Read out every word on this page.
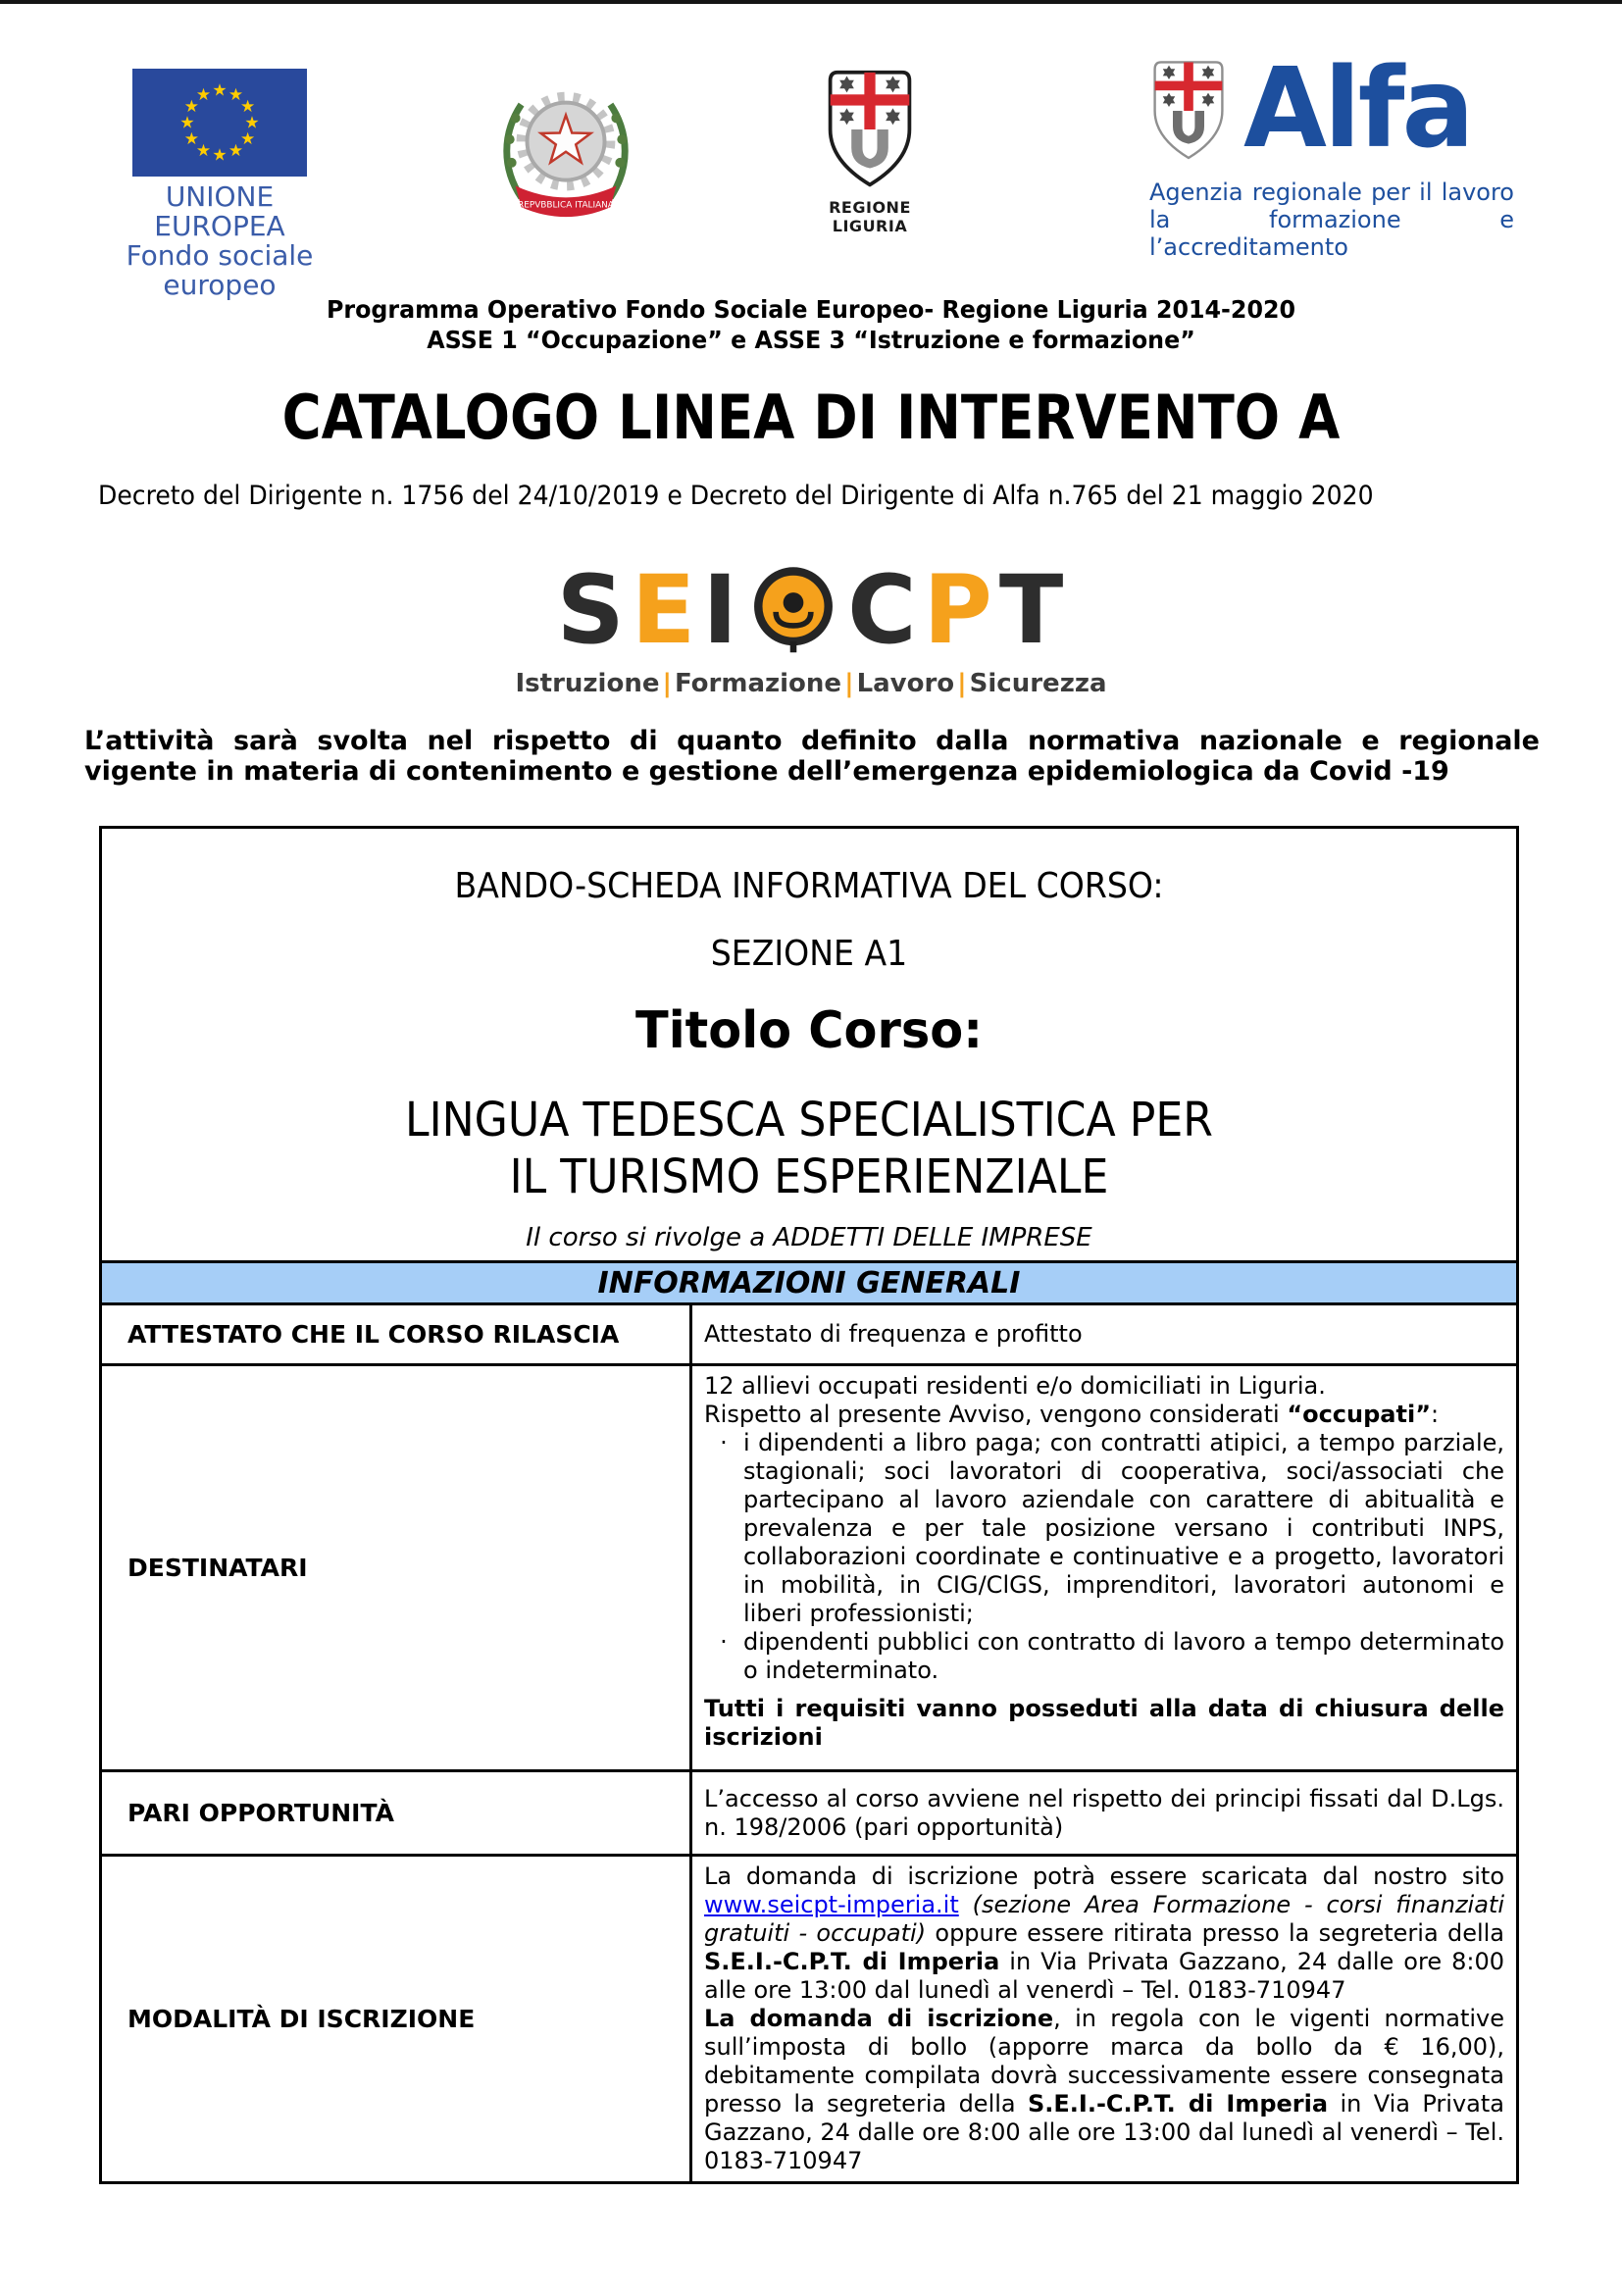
★ ★
★
★
★
★
★
★
★
★
★
★
UNIONE EUROPEA
Fondo sociale europeo
REPVBBLICA ITALIANA	REGIONE LIGURIA
Alfa
Agenzia regionale per il lavoro
la formazione e l’accreditamento
Programma Operativo Fondo Sociale Europeo- Regione Liguria 2014-2020
ASSE 1 “Occupazione” e ASSE 3 “Istruzione e formazione”
CATALOGO LINEA DI INTERVENTO A

Decreto del Dirigente n. 1756 del 24/10/2019 e Decreto del Dirigente di Alfa n.765 del 21 maggio 2020

S E I C P T
Istruzione | Formazione | Lavoro | Sicurezza

L’attività sarà svolta nel rispetto di quanto definito dalla normativa nazionale e regionale vigente in materia di contenimento e gestione dell’emergenza epidemiologica da Covid -19

BANDO-SCHEDA INFORMATIVA DEL CORSO:
SEZIONE A1
Titolo Corso:
LINGUA TEDESCA SPECIALISTICA PER
IL TURISMO ESPERIENZIALE
Il corso si rivolge a ADDETTI DELLE IMPRESE

INFORMAZIONI GENERALI	
ATTESTATO CHE IL CORSO RILASCIA	Attestato di frequenza e profitto

DESTINATARI	

12 allievi occupati residenti e/o domiciliati in Liguria.

Rispetto al presente Avviso, vengono considerati “occupati”:

· i dipendenti a libro paga; con contratti atipici, a tempo parziale, stagionali; soci lavoratori di cooperativa, soci/associati che partecipano al lavoro aziendale con carattere di abitualità e prevalenza e per tale posizione versano i contributi INPS, collaborazioni coordinate e continuative e a progetto, lavoratori in mobilità, in CIG/ClGS, imprenditori, lavoratori autonomi e liberi professionisti;
· dipendenti pubblici con contratto di lavoro a tempo determinato o indeterminato.

Tutti i requisiti vanno posseduti alla data di chiusura delle iscrizioni

PARI OPPORTUNITÀ	L’accesso al corso avviene nel rispetto dei principi fissati dal D.Lgs. n. 198/2006 (pari opportunità)

MODALITÀ DI ISCRIZIONE	La domanda di iscrizione potrà essere scaricata dal nostro sito www.seicpt-imperia.it (sezione Area Formazione - corsi finanziati gratuiti - occupati) oppure essere ritirata presso la segreteria della S.E.I.-C.P.T. di Imperia in Via Privata Gazzano, 24 dalle ore 8:00 alle ore 13:00 dal lunedì al venerdì – Tel. 0183-710947

La domanda di iscrizione, in regola con le vigenti normative sull’imposta di bollo (apporre marca da bollo da € 16,00), debitamente compilata dovrà successivamente essere consegnata presso la segreteria della S.E.I.-C.P.T. di Imperia in Via Privata Gazzano, 24 dalle ore 8:00 alle ore 13:00 dal lunedì al venerdì – Tel. 0183-710947
